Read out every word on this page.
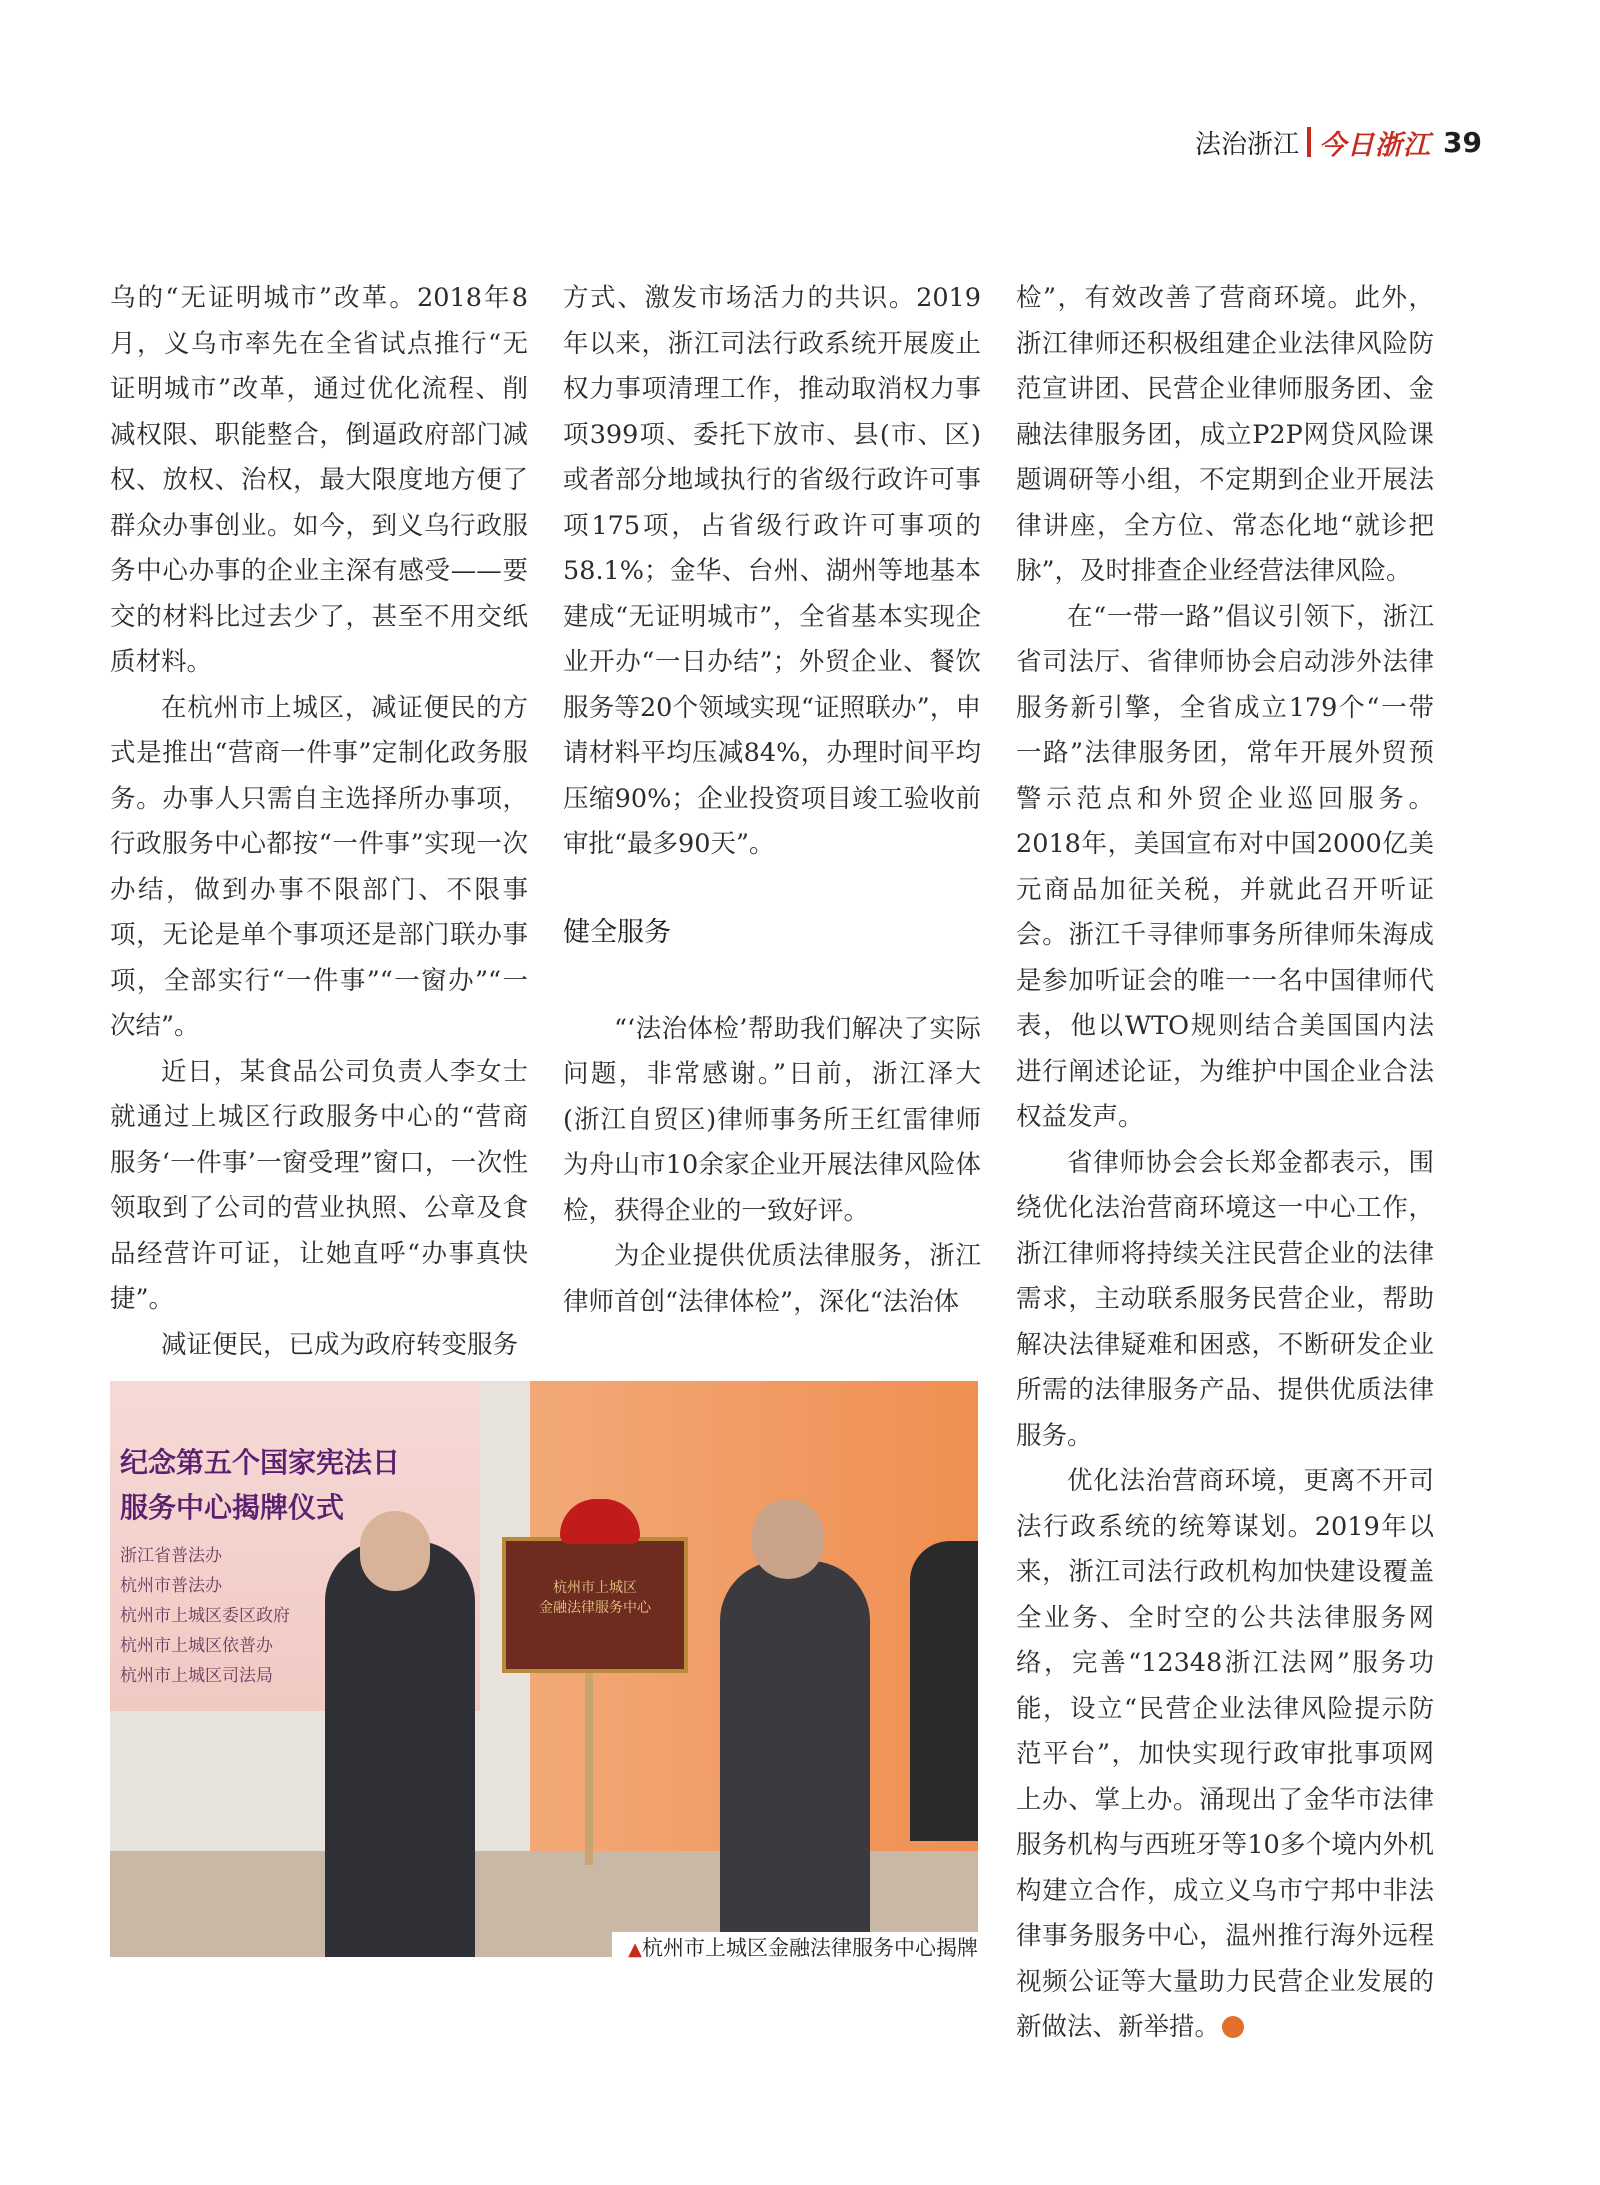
法治浙江 今日浙江 39

乌的“无证明城市”改革。2018年8月，义乌市率先在全省试点推行“无证明城市”改革，通过优化流程、削减权限、职能整合，倒逼政府部门减权、放权、治权，最大限度地方便了群众办事创业。如今，到义乌行政服务中心办事的企业主深有感受——要交的材料比过去少了，甚至不用交纸质材料。

在杭州市上城区，减证便民的方式是推出“营商一件事”定制化政务服务。办事人只需自主选择所办事项，行政服务中心都按“一件事”实现一次办结，做到办事不限部门、不限事项，无论是单个事项还是部门联办事项，全部实行“一件事”“一窗办”“一次结”。

近日，某食品公司负责人李女士就通过上城区行政服务中心的“营商服务‘一件事’一窗受理”窗口，一次性领取到了公司的营业执照、公章及食品经营许可证，让她直呼“办事真快捷”。

减证便民，已成为政府转变服务

方式、激发市场活力的共识。2019年以来，浙江司法行政系统开展废止权力事项清理工作，推动取消权力事项399项、委托下放市、县(市、区)或者部分地域执行的省级行政许可事项175项，占省级行政许可事项的58.1%；金华、台州、湖州等地基本建成“无证明城市”，全省基本实现企业开办“一日办结”；外贸企业、餐饮服务等20个领域实现“证照联办”，申请材料平均压减84%，办理时间平均压缩90%；企业投资项目竣工验收前审批“最多90天”。

健全服务

“‘法治体检’帮助我们解决了实际问题，非常感谢。”日前，浙江泽大(浙江自贸区)律师事务所王红雷律师为舟山市10余家企业开展法律风险体检，获得企业的一致好评。

为企业提供优质法律服务，浙江律师首创“法律体检”，深化“法治体

检”，有效改善了营商环境。此外，浙江律师还积极组建企业法律风险防范宣讲团、民营企业律师服务团、金融法律服务团，成立P2P网贷风险课题调研等小组，不定期到企业开展法律讲座，全方位、常态化地“就诊把脉”，及时排查企业经营法律风险。

在“一带一路”倡议引领下，浙江省司法厅、省律师协会启动涉外法律服务新引擎，全省成立179个“一带一路”法律服务团，常年开展外贸预警示范点和外贸企业巡回服务。2018年，美国宣布对中国2000亿美元商品加征关税，并就此召开听证会。浙江千寻律师事务所律师朱海成是参加听证会的唯一一名中国律师代表，他以WTO规则结合美国国内法进行阐述论证，为维护中国企业合法权益发声。

省律师协会会长郑金都表示，围绕优化法治营商环境这一中心工作，浙江律师将持续关注民营企业的法律需求，主动联系服务民营企业，帮助解决法律疑难和困惑，不断研发企业所需的法律服务产品、提供优质法律服务。

优化法治营商环境，更离不开司法行政系统的统筹谋划。2019年以来，浙江司法行政机构加快建设覆盖全业务、全时空的公共法律服务网络，完善“12348浙江法网”服务功能，设立“民营企业法律风险提示防范平台”，加快实现行政审批事项网上办、掌上办。涌现出了金华市法律服务机构与西班牙等10多个境内外机构建立合作，成立义乌市宁邦中非法律事务服务中心，温州推行海外远程视频公证等大量助力民营企业发展的新做法、新举措。

纪念第五个国家宪法日
服务中心揭牌仪式
浙江省普法办
杭州市普法办
杭州市上城区委区政府
杭州市上城区依普办
杭州市上城区司法局
杭州市上城区
金融法律服务中心
▲杭州市上城区金融法律服务中心揭牌
